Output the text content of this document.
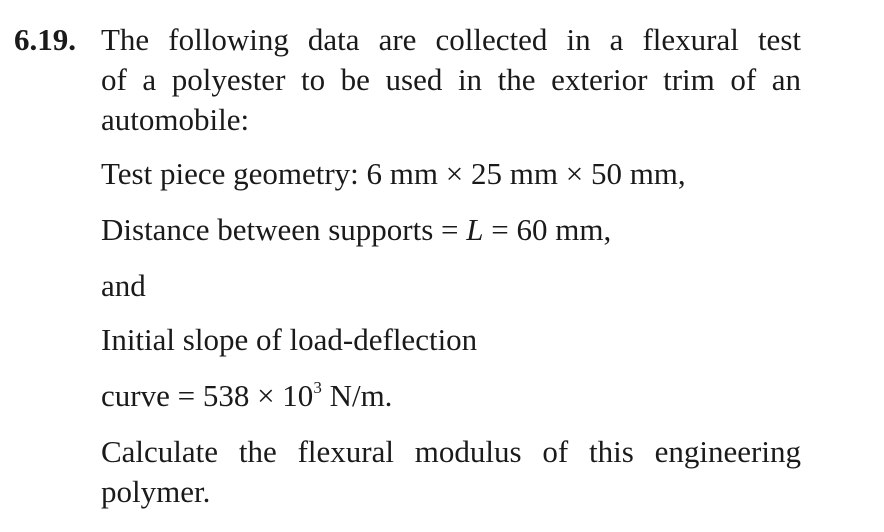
6.19. The following data are collected in a flexural test
of a polyester to be used in the exterior trim of an
automobile:
Test piece geometry: 6 mm × 25 mm × 50 mm,
Distance between supports = L = 60 mm,
and
Initial slope of load-deflection
curve = $538 \times 10^3$ N/m.
Calculate the flexural modulus of this engineering
polymer.
